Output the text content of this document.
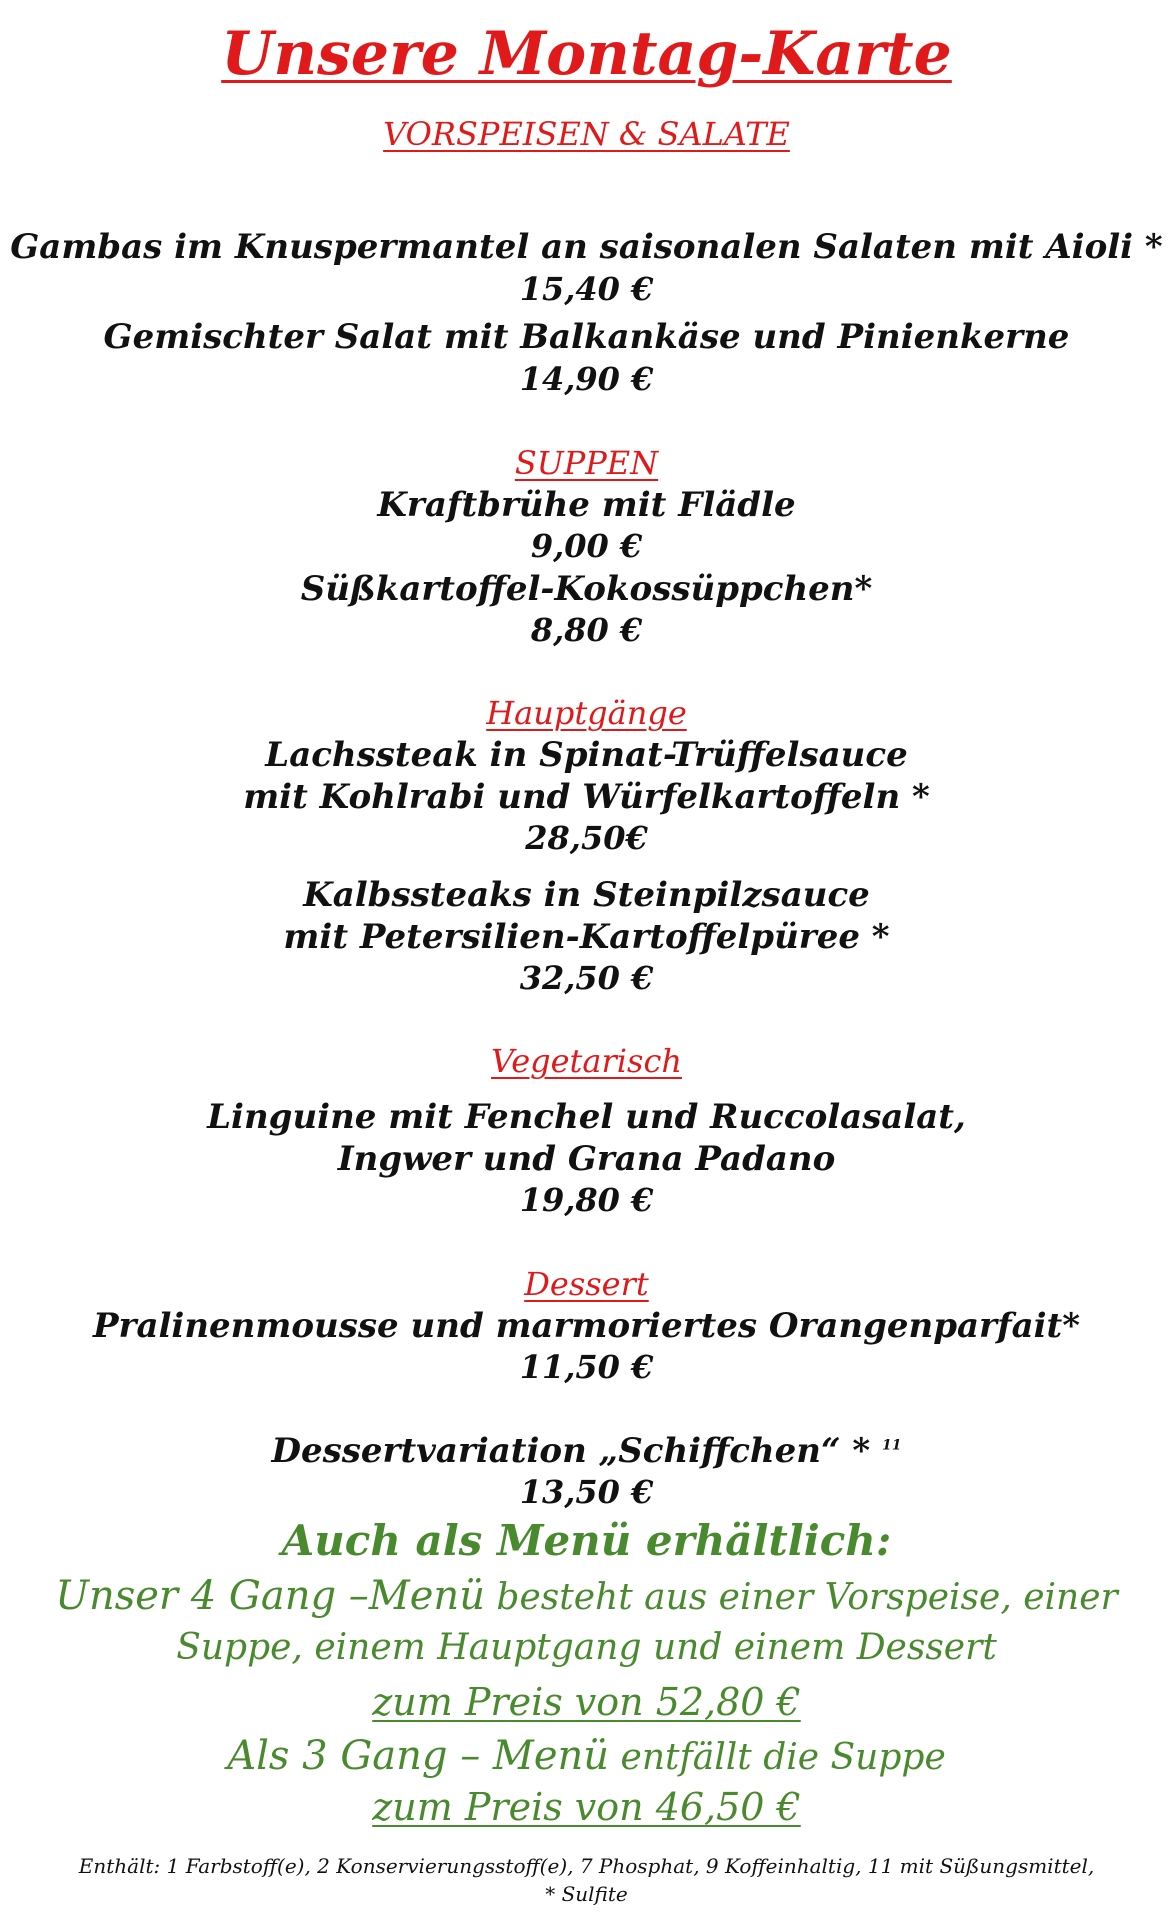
Unsere Montag-Karte
VORSPEISEN & SALATE
Gambas im Knuspermantel an saisonalen Salaten mit Aioli *
15,40 €
Gemischter Salat mit Balkankäse und Pinienkerne
14,90 €
SUPPEN
Kraftbrühe mit Flädle
9,00 €
Süßkartoffel-Kokossüppchen*
8,80 €
Hauptgänge
Lachssteak in Spinat-Trüffelsauce
mit Kohlrabi und Würfelkartoffeln *
28,50€
Kalbssteaks in Steinpilzsauce
mit Petersilien-Kartoffelpüree *
32,50 €
Vegetarisch
Linguine mit Fenchel und Ruccolasalat,
Ingwer und Grana Padano
19,80 €
Dessert
Pralinenmousse und marmoriertes Orangenparfait*
11,50 €
Dessertvariation „Schiffchen“ * $^{11}$
13,50 €
Auch als Menü erhältlich:
Unser 4 Gang –Menü besteht aus einer Vorspeise, einer
Suppe, einem Hauptgang und einem Dessert
zum Preis von 52,80 €
Als 3 Gang – Menü entfällt die Suppe
zum Preis von 46,50 €
Enthält: 1 Farbstoff(e), 2 Konservierungsstoff(e), 7 Phosphat, 9 Koffeinhaltig, 11 mit Süßungsmittel,
* Sulfite
